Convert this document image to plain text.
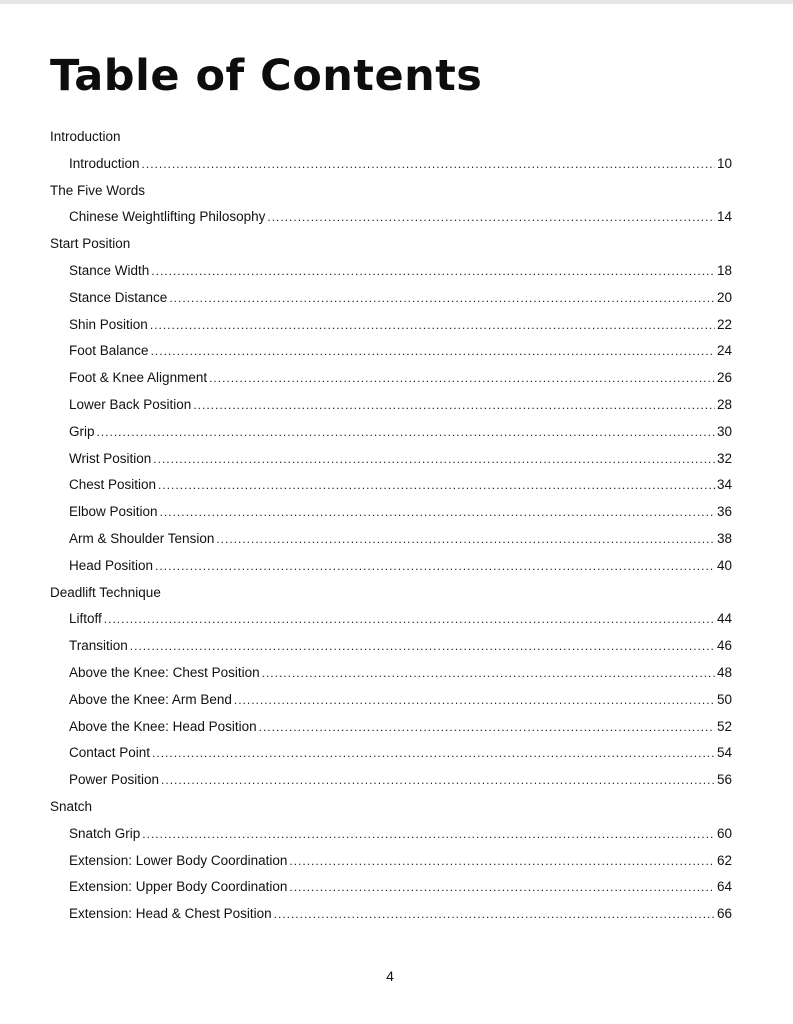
Table of Contents
Introduction
Introduction .....	10
The Five Words
Chinese Weightlifting Philosophy .....	14
Start Position
Stance Width .....	18
Stance Distance .....	20
Shin Position .....	22
Foot Balance .....	24
Foot & Knee Alignment .....	26
Lower Back Position .....	28
Grip .....	30
Wrist Position .....	32
Chest Position .....	34
Elbow Position .....	36
Arm & Shoulder Tension .....	38
Head Position .....	40
Deadlift Technique
Liftoff .....	44
Transition .....	46
Above the Knee: Chest Position .....	48
Above the Knee: Arm Bend .....	50
Above the Knee: Head Position .....	52
Contact Point .....	54
Power Position .....	56
Snatch
Snatch Grip .....	60
Extension: Lower Body Coordination .....	62
Extension: Upper Body Coordination .....	64
Extension: Head & Chest Position .....	66
4
